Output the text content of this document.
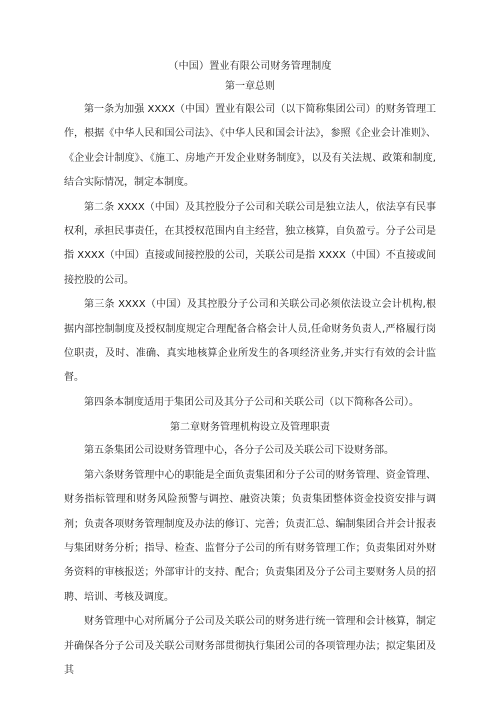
（中国）置业有限公司财务管理制度
第一章总则

第一条为加强 XXXX（中国）置业有限公司（以下简称集团公司）的财务管理工作，根据《中华人民和国公司法》、《中华人民和国会计法》，参照《企业会计准则》、《企业会计制度》、《施工、房地产开发企业财务制度》，以及有关法规、政策和制度,结合实际情况，制定本制度。

第二条 XXXX（中国）及其控股分子公司和关联公司是独立法人，依法享有民事权利，承担民事责任，在其授权范围内自主经营，独立核算，自负盈亏。分子公司是指 XXXX（中国）直接或间接控股的公司，关联公司是指 XXXX（中国）不直接或间接控股的公司。

第三条 XXXX（中国）及其控股分子公司和关联公司必须依法设立会计机构,根据内部控制制度及授权制度规定合理配备合格会计人员,任命财务负责人,严格履行岗位职责，及时、准确、真实地核算企业所发生的各项经济业务,并实行有效的会计监督。

第四条本制度适用于集团公司及其分子公司和关联公司（以下简称各公司）。

第二章财务管理机构设立及管理职责

第五条集团公司设财务管理中心，各分子公司及关联公司下设财务部。

第六条财务管理中心的职能是全面负责集团和分子公司的财务管理、资金管理、财务指标管理和财务风险预警与调控、融资决策；负责集团整体资金投资安排与调剂；负责各项财务管理制度及办法的修订、完善；负责汇总、编制集团合并会计报表与集团财务分析；指导、检查、监督分子公司的所有财务管理工作；负责集团对外财务资料的审核报送；外部审计的支持、配合；负责集团及分子公司主要财务人员的招聘、培训、考核及调度。

财务管理中心对所属分子公司及关联公司的财务进行统一管理和会计核算，制定并确保各分子公司及关联公司财务部贯彻执行集团公司的各项管理办法；拟定集团及其
